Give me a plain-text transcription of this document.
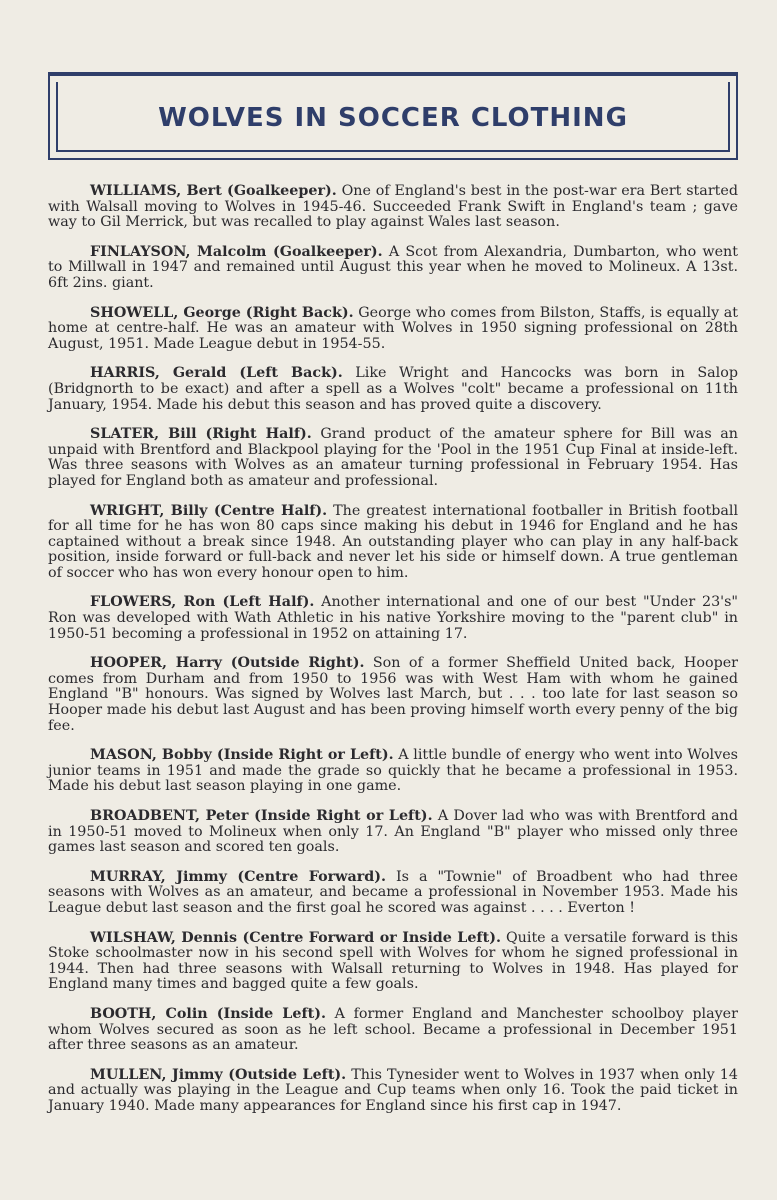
WOLVES IN SOCCER CLOTHING

WILLIAMS, Bert (Goalkeeper). One of England's best in the post-war era Bert started with Walsall moving to Wolves in 1945-46. Succeeded Frank Swift in England's team ; gave way to Gil Merrick, but was recalled to play against Wales last season.

FINLAYSON, Malcolm (Goalkeeper). A Scot from Alexandria, Dumbarton, who went to Millwall in 1947 and remained until August this year when he moved to Molineux. A 13st. 6ft 2ins. giant.

SHOWELL, George (Right Back). George who comes from Bilston, Staffs, is equally at home at centre-half. He was an amateur with Wolves in 1950 signing professional on 28th August, 1951. Made League debut in 1954-55.

HARRIS, Gerald (Left Back). Like Wright and Hancocks was born in Salop (Bridgnorth to be exact) and after a spell as a Wolves "colt" became a professional on 11th January, 1954. Made his debut this season and has proved quite a discovery.

SLATER, Bill (Right Half). Grand product of the amateur sphere for Bill was an unpaid with Brentford and Blackpool playing for the 'Pool in the 1951 Cup Final at inside-left. Was three seasons with Wolves as an amateur turning professional in February 1954. Has played for England both as amateur and professional.

WRIGHT, Billy (Centre Half). The greatest international footballer in British football for all time for he has won 80 caps since making his debut in 1946 for England and he has captained without a break since 1948. An outstanding player who can play in any half-back position, inside forward or full-back and never let his side or himself down. A true gentleman of soccer who has won every honour open to him.

FLOWERS, Ron (Left Half). Another international and one of our best "Under 23's" Ron was developed with Wath Athletic in his native Yorkshire moving to the "parent club" in 1950-51 becoming a professional in 1952 on attaining 17.

HOOPER, Harry (Outside Right). Son of a former Sheffield United back, Hooper comes from Durham and from 1950 to 1956 was with West Ham with whom he gained England "B" honours. Was signed by Wolves last March, but . . . too late for last season so Hooper made his debut last August and has been proving himself worth every penny of the big fee.

MASON, Bobby (Inside Right or Left). A little bundle of energy who went into Wolves junior teams in 1951 and made the grade so quickly that he became a professional in 1953. Made his debut last season playing in one game.

BROADBENT, Peter (Inside Right or Left). A Dover lad who was with Brentford and in 1950-51 moved to Molineux when only 17. An England "B" player who missed only three games last season and scored ten goals.

MURRAY, Jimmy (Centre Forward). Is a "Townie" of Broadbent who had three seasons with Wolves as an amateur, and became a professional in November 1953. Made his League debut last season and the first goal he scored was against . . . . Everton !

WILSHAW, Dennis (Centre Forward or Inside Left). Quite a versatile forward is this Stoke schoolmaster now in his second spell with Wolves for whom he signed professional in 1944. Then had three seasons with Walsall returning to Wolves in 1948. Has played for England many times and bagged quite a few goals.

BOOTH, Colin (Inside Left). A former England and Manchester schoolboy player whom Wolves secured as soon as he left school. Became a professional in December 1951 after three seasons as an amateur.

MULLEN, Jimmy (Outside Left). This Tynesider went to Wolves in 1937 when only 14 and actually was playing in the League and Cup teams when only 16. Took the paid ticket in January 1940. Made many appearances for England since his first cap in 1947.
